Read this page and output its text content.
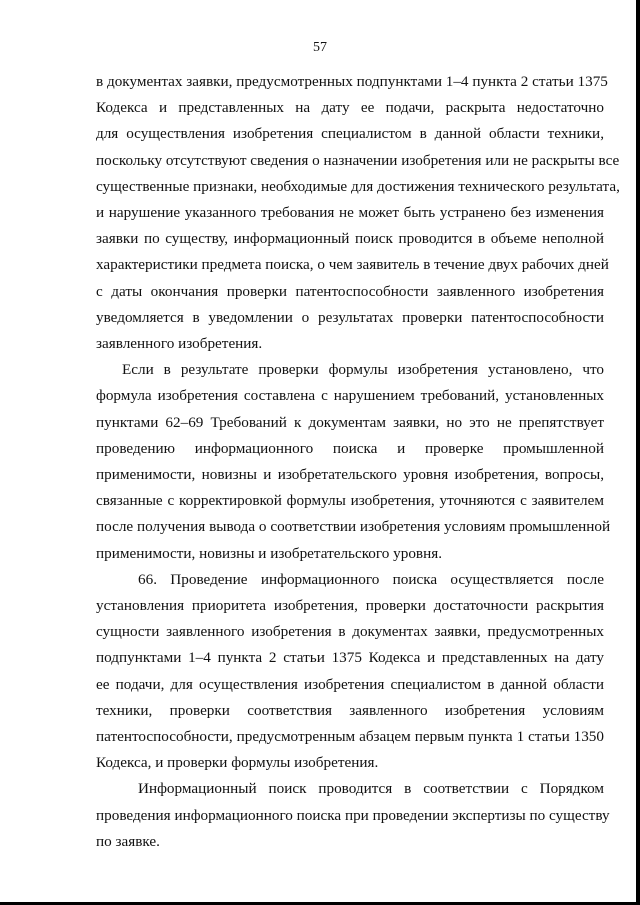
57

в документах заявки, предусмотренных подпунктами 1–4 пункта 2 статьи 1375
Кодекса и представленных на дату ее подачи, раскрыта недостаточно
для осуществления изобретения специалистом в данной области техники,
поскольку отсутствуют сведения о назначении изобретения или не раскрыты все
существенные признаки, необходимые для достижения технического результата,
и нарушение указанного требования не может быть устранено без изменения
заявки по существу, информационный поиск проводится в объеме неполной
характеристики предмета поиска, о чем заявитель в течение двух рабочих дней
с даты окончания проверки патентоспособности заявленного изобретения
уведомляется в уведомлении о результатах проверки патентоспособности
заявленного изобретения.

Если в результате проверки формулы изобретения установлено, что
формула изобретения составлена с нарушением требований, установленных
пунктами 62–69 Требований к документам заявки, но это не препятствует
проведению информационного поиска и проверке промышленной
применимости, новизны и изобретательского уровня изобретения, вопросы,
связанные с корректировкой формулы изобретения, уточняются с заявителем
после получения вывода о соответствии изобретения условиям промышленной
применимости, новизны и изобретательского уровня.

66. Проведение информационного поиска осуществляется после
установления приоритета изобретения, проверки достаточности раскрытия
сущности заявленного изобретения в документах заявки, предусмотренных
подпунктами 1–4 пункта 2 статьи 1375 Кодекса и представленных на дату
ее подачи, для осуществления изобретения специалистом в данной области
техники, проверки соответствия заявленного изобретения условиям
патентоспособности, предусмотренным абзацем первым пункта 1 статьи 1350
Кодекса, и проверки формулы изобретения.

Информационный поиск проводится в соответствии с Порядком
проведения информационного поиска при проведении экспертизы по существу
по заявке.
